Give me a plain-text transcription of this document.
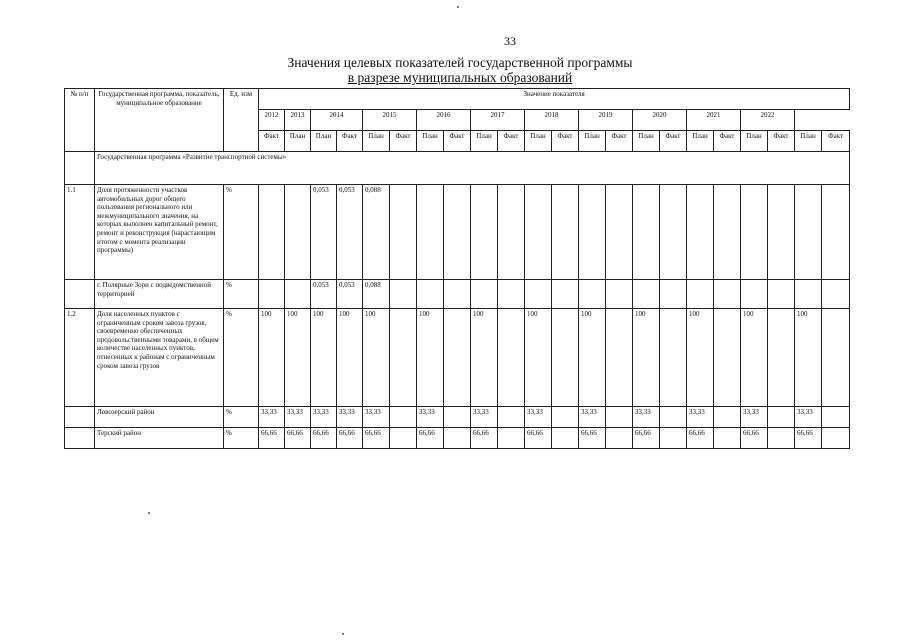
33
Значения целевых показателей государственной программы
в разрезе муниципальных образований
№ п/п	Государственная программа, показатель, муниципальное образование	Ед. изм	Значение показателя																					
			2012	2013	2014		2015		2016		2017		2018		2019		2020		2021		2022			
			Факт	План	План	Факт	План	Факт	План	Факт	План	Факт	План	Факт	План	Факт	План	Факт	План	Факт	План	Факт	План	Факт
	Государственная программа «Развитие транспортной системы»																							
1.1	Доля протяженности участков автомобильных дорог общего пользования регионального или межмуниципального значения, на которых выполнен капитальный ремонт, ремонт и реконструкция (нарастающим итогом с момента реализации программы)	%			0,053	0,053	0,088																	
	г. Полярные Зори с подведомственной территорией	%			0,053	0,053	0,088																	
1.2	Доля населенных пунктов с ограниченным сроком завоза грузов, своевременно обеспеченных продовольственными товарами, в общем количестве населенных пунктов, отнесенных к районам с ограниченным сроком завоза грузов	%	100	100	100	100	100		100		100		100		100		100		100		100		100	
	Ловозерский район	%	33,33	33,33	33,33	33,33	33,33		33,33		33,33		33,33		33,33		33,33		33,33		33,33		33,33	
	Терский район	%	66,66	66,66	66,66	66,66	66,66		66,66		66,66		66,66		66,66		66,66		66,66		66,66		66,66	
